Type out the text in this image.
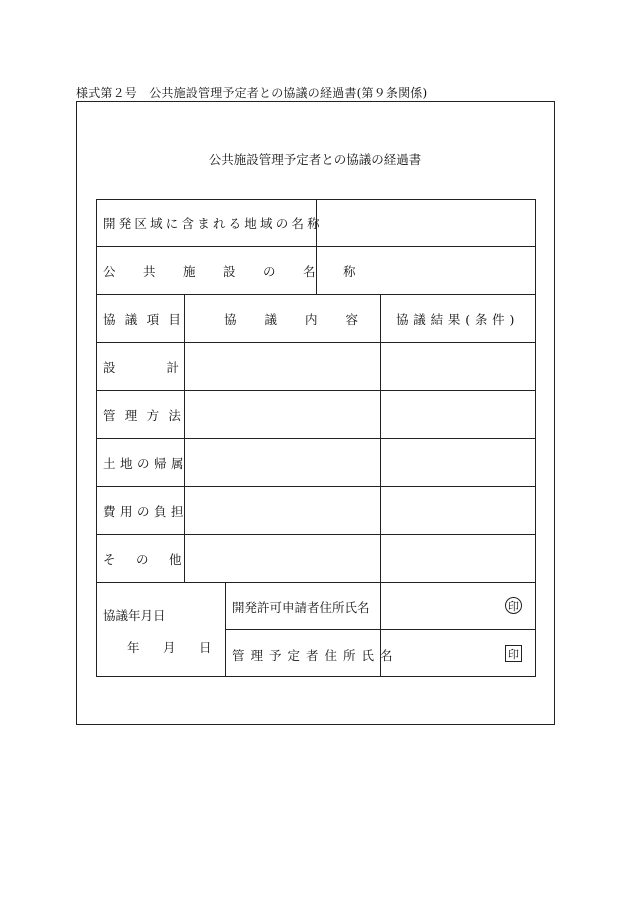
様式第２号　公共施設管理予定者との協議の経過書(第９条関係)
公共施設管理予定者との協議の経過書
開発区域に含まれる地域の名称
公共施設の名称
協議項目	協議内容 協議結果(条件)
設計
管理方法
土地の帰属
費用の負担
その他
協議年月日
年 月 日
開発許可申請者住所氏名
管理予定者住所氏名
印
印
